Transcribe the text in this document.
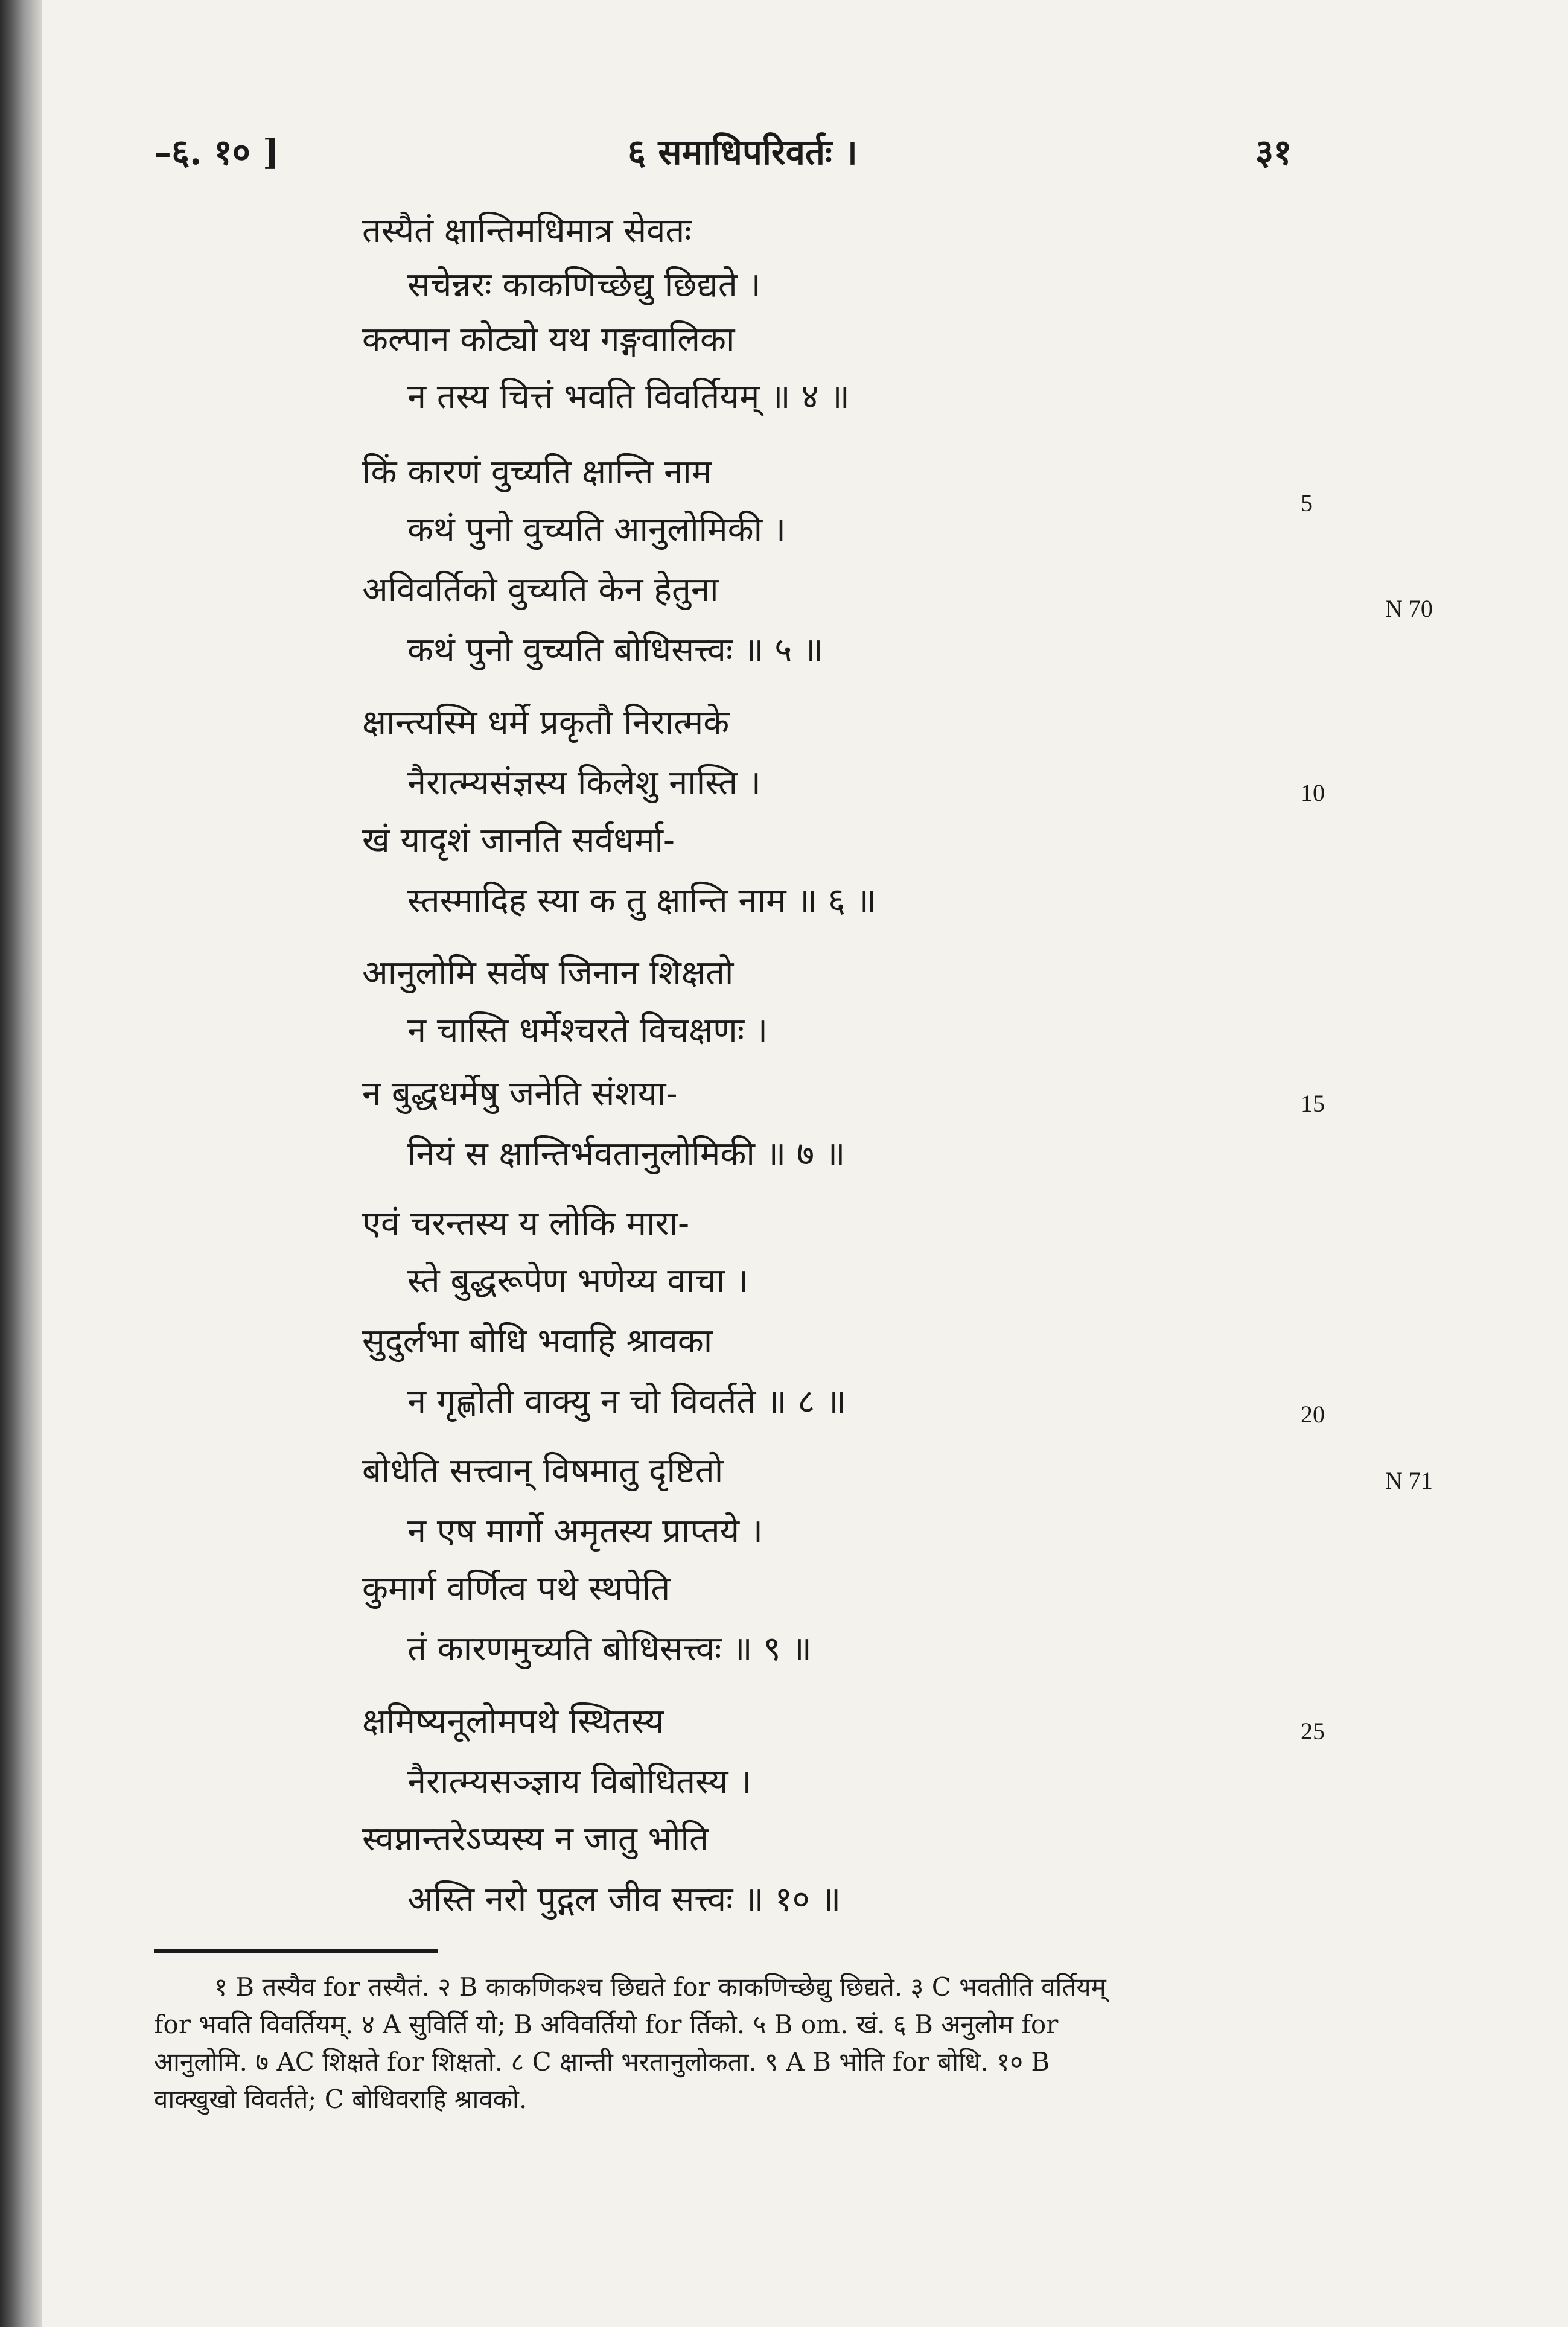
–६. १० ]	६ समाधिपरिवर्तः ।	३१
तस्यैतं क्षान्तिमधिमात्र सेवतः
सचेन्नरः काकणिच्छेद्यु छिद्यते ।
कल्पान कोट्यो यथ गङ्गवालिका
न तस्य चित्तं भवति विवर्तियम् ॥ ४ ॥
किं कारणं वुच्यति क्षान्ति नाम
कथं पुनो वुच्यति आनुलोमिकी ।
अविवर्तिको वुच्यति केन हेतुना
कथं पुनो वुच्यति बोधिसत्त्वः ॥ ५ ॥
क्षान्त्यस्मि धर्मे प्रकृतौ निरात्मके
नैरात्म्यसंज्ञस्य किलेशु नास्ति ।
खं यादृशं जानति सर्वधर्मा-
स्तस्मादिह स्या क तु क्षान्ति नाम ॥ ६ ॥
आनुलोमि सर्वेष जिनान शिक्षतो
न चास्ति धर्मेश्चरते विचक्षणः ।
न बुद्धधर्मेषु जनेति संशया-
नियं स क्षान्तिर्भवतानुलोमिकी ॥ ७ ॥
एवं चरन्तस्य य लोकि मारा-
स्ते बुद्धरूपेण भणेय्य वाचा ।
सुदुर्लभा बोधि भवाहि श्रावका
न गृह्णोती वाक्यु न चो विवर्तते ॥ ८ ॥
बोधेति सत्त्वान् विषमातु दृष्टितो
न एष मार्गो अमृतस्य प्राप्तये ।
कुमार्ग वर्णित्व पथे स्थपेति
तं कारणमुच्यति बोधिसत्त्वः ॥ ९ ॥
क्षमिष्यनूलोमपथे स्थितस्य
नैरात्म्यसञ्ज्ञाय विबोधितस्य ।
स्वप्नान्तरेऽप्यस्य न जातु भोति
अस्ति नरो पुद्गल जीव सत्त्वः ॥ १० ॥
5
10
15
20
25
N 70
N 71
१ B तस्यैव for तस्यैतं. २ B काकणिकश्च छिद्यते for काकणिच्छेद्यु छिद्यते. ३ C भवतीति वर्तियम्
for भवति विवर्तियम्. ४ A सुविर्ति यो; B अविवर्तियो for र्तिको. ५ B om. खं. ६ B अनुलोम for
आनुलोमि. ७ AC शिक्षते for शिक्षतो. ८ C क्षान्ती भरतानुलोकता. ९ A B भोति for बोधि. १० B
वाक्खुखो विवर्तते; C बोधिवराहि श्रावको.
